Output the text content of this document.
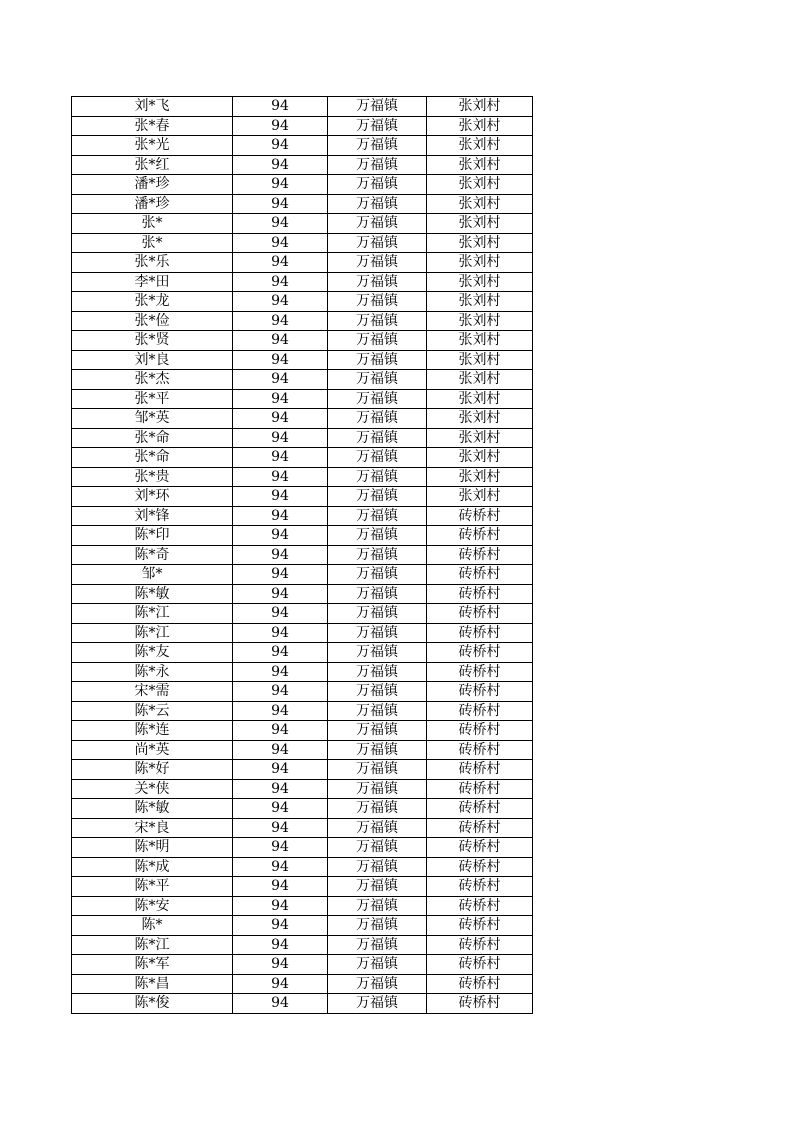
刘*飞	94	万福镇	张刘村
张*春	94	万福镇	张刘村
张*光	94	万福镇	张刘村
张*红	94	万福镇	张刘村
潘*珍	94	万福镇	张刘村
潘*珍	94	万福镇	张刘村
张*	94	万福镇	张刘村
张*	94	万福镇	张刘村
张*乐	94	万福镇	张刘村
李*田	94	万福镇	张刘村
张*龙	94	万福镇	张刘村
张*俭	94	万福镇	张刘村
张*贤	94	万福镇	张刘村
刘*良	94	万福镇	张刘村
张*杰	94	万福镇	张刘村
张*平	94	万福镇	张刘村
邹*英	94	万福镇	张刘村
张*命	94	万福镇	张刘村
张*命	94	万福镇	张刘村
张*贵	94	万福镇	张刘村
刘*环	94	万福镇	张刘村
刘*锋	94	万福镇	砖桥村
陈*印	94	万福镇	砖桥村
陈*奇	94	万福镇	砖桥村
邹*	94	万福镇	砖桥村
陈*敏	94	万福镇	砖桥村
陈*江	94	万福镇	砖桥村
陈*江	94	万福镇	砖桥村
陈*友	94	万福镇	砖桥村
陈*永	94	万福镇	砖桥村
宋*需	94	万福镇	砖桥村
陈*云	94	万福镇	砖桥村
陈*连	94	万福镇	砖桥村
尚*英	94	万福镇	砖桥村
陈*好	94	万福镇	砖桥村
关*侠	94	万福镇	砖桥村
陈*敏	94	万福镇	砖桥村
宋*良	94	万福镇	砖桥村
陈*明	94	万福镇	砖桥村
陈*成	94	万福镇	砖桥村
陈*平	94	万福镇	砖桥村
陈*安	94	万福镇	砖桥村
陈*	94	万福镇	砖桥村
陈*江	94	万福镇	砖桥村
陈*军	94	万福镇	砖桥村
陈*昌	94	万福镇	砖桥村
陈*俊	94	万福镇	砖桥村
